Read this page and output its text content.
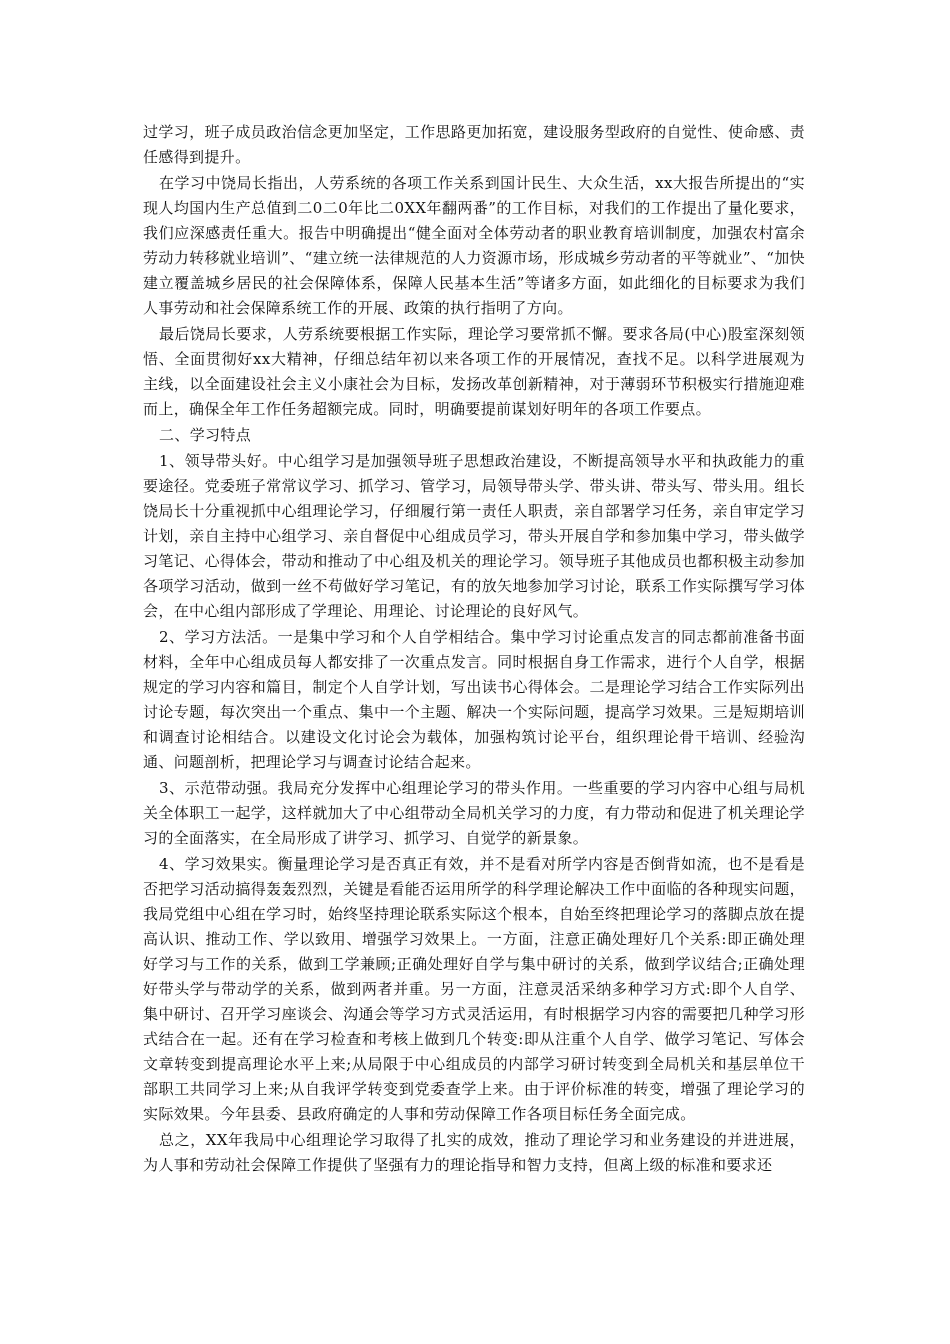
过学习，班子成员政治信念更加坚定，工作思路更加拓宽，建设服务型政府的自觉性、使命感、责任感得到提升。

在学习中饶局长指出，人劳系统的各项工作关系到国计民生、大众生活，xx大报告所提出的“实现人均国内生产总值到二0二0年比二0XX年翻两番”的工作目标，对我们的工作提出了量化要求，我们应深感责任重大。报告中明确提出“健全面对全体劳动者的职业教育培训制度，加强农村富余劳动力转移就业培训”、“建立统一法律规范的人力资源市场，形成城乡劳动者的平等就业”、“加快建立覆盖城乡居民的社会保障体系，保障人民基本生活”等诸多方面，如此细化的目标要求为我们人事劳动和社会保障系统工作的开展、政策的执行指明了方向。

最后饶局长要求，人劳系统要根据工作实际，理论学习要常抓不懈。要求各局(中心)股室深刻领悟、全面贯彻好xx大精神，仔细总结年初以来各项工作的开展情况，查找不足。以科学进展观为主线，以全面建设社会主义小康社会为目标，发扬改革创新精神，对于薄弱环节积极实行措施迎难而上，确保全年工作任务超额完成。同时，明确要提前谋划好明年的各项工作要点。

二、学习特点

1、领导带头好。中心组学习是加强领导班子思想政治建设，不断提高领导水平和执政能力的重要途径。党委班子常常议学习、抓学习、管学习，局领导带头学、带头讲、带头写、带头用。组长饶局长十分重视抓中心组理论学习，仔细履行第一责任人职责，亲自部署学习任务，亲自审定学习计划，亲自主持中心组学习、亲自督促中心组成员学习，带头开展自学和参加集中学习，带头做学习笔记、心得体会，带动和推动了中心组及机关的理论学习。领导班子其他成员也都积极主动参加各项学习活动，做到一丝不苟做好学习笔记，有的放矢地参加学习讨论，联系工作实际撰写学习体会，在中心组内部形成了学理论、用理论、讨论理论的良好风气。

2、学习方法活。一是集中学习和个人自学相结合。集中学习讨论重点发言的同志都前准备书面材料，全年中心组成员每人都安排了一次重点发言。同时根据自身工作需求，进行个人自学，根据规定的学习内容和篇目，制定个人自学计划，写出读书心得体会。二是理论学习结合工作实际列出讨论专题，每次突出一个重点、集中一个主题、解决一个实际问题，提高学习效果。三是短期培训和调查讨论相结合。以建设文化讨论会为载体，加强构筑讨论平台，组织理论骨干培训、经验沟通、问题剖析，把理论学习与调查讨论结合起来。

3、示范带动强。我局充分发挥中心组理论学习的带头作用。一些重要的学习内容中心组与局机关全体职工一起学，这样就加大了中心组带动全局机关学习的力度，有力带动和促进了机关理论学习的全面落实，在全局形成了讲学习、抓学习、自觉学的新景象。

4、学习效果实。衡量理论学习是否真正有效，并不是看对所学内容是否倒背如流，也不是看是否把学习活动搞得轰轰烈烈，关键是看能否运用所学的科学理论解决工作中面临的各种现实问题，我局党组中心组在学习时，始终坚持理论联系实际这个根本，自始至终把理论学习的落脚点放在提高认识、推动工作、学以致用、增强学习效果上。一方面，注意正确处理好几个关系:即正确处理好学习与工作的关系，做到工学兼顾;正确处理好自学与集中研讨的关系，做到学议结合;正确处理好带头学与带动学的关系，做到两者并重。另一方面，注意灵活采纳多种学习方式:即个人自学、集中研讨、召开学习座谈会、沟通会等学习方式灵活运用，有时根据学习内容的需要把几种学习形式结合在一起。还有在学习检查和考核上做到几个转变:即从注重个人自学、做学习笔记、写体会文章转变到提高理论水平上来;从局限于中心组成员的内部学习研讨转变到全局机关和基层单位干部职工共同学习上来;从自我评学转变到党委查学上来。由于评价标准的转变，增强了理论学习的实际效果。今年县委、县政府确定的人事和劳动保障工作各项目标任务全面完成。

总之，XX年我局中心组理论学习取得了扎实的成效，推动了理论学习和业务建设的并进进展，为人事和劳动社会保障工作提供了坚强有力的理论指导和智力支持，但离上级的标准和要求还
